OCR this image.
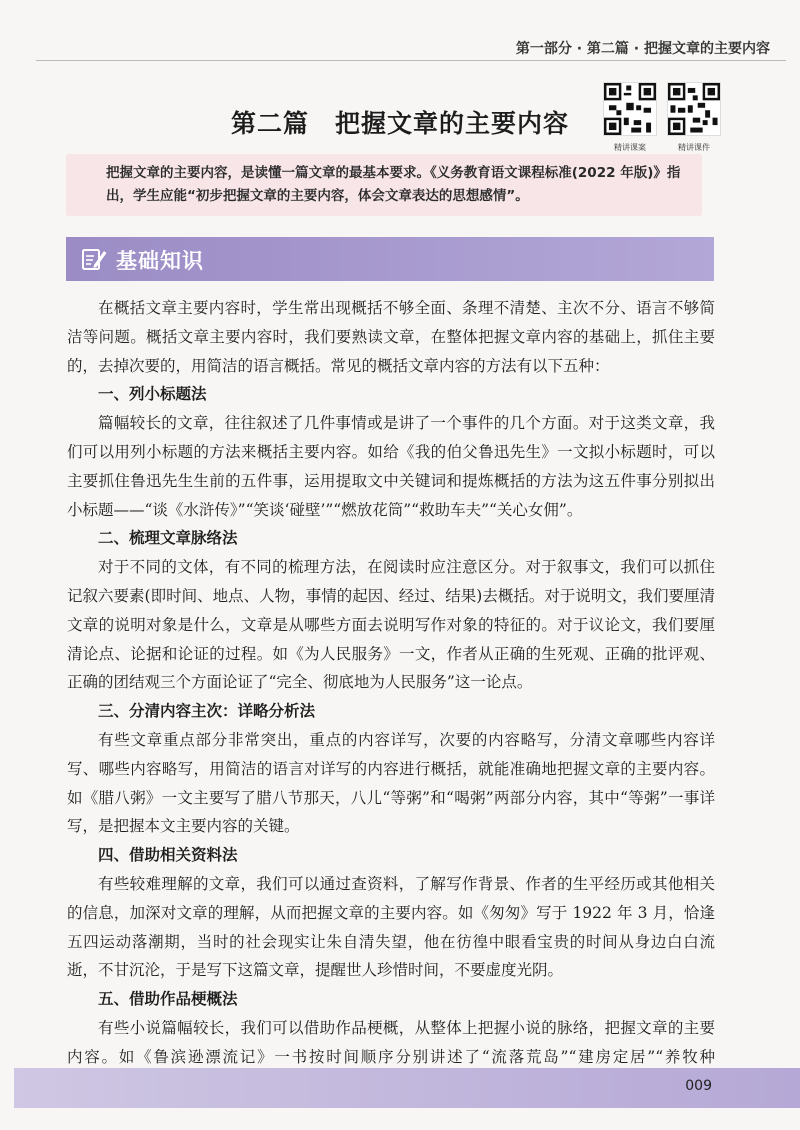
第一部分 · 第二篇 · 把握文章的主要内容
第二篇　把握文章的主要内容
精讲课案	精讲课件
把握文章的主要内容，是读懂一篇文章的最基本要求。《义务教育语文课程标准(2022 年版)》指出，学生应能“初步把握文章的主要内容，体会文章表达的思想感情”。
基础知识

在概括文章主要内容时，学生常出现概括不够全面、条理不清楚、主次不分、语言不够简洁等问题。概括文章主要内容时，我们要熟读文章，在整体把握文章内容的基础上，抓住主要的，去掉次要的，用简洁的语言概括。常见的概括文章内容的方法有以下五种：

一、列小标题法

篇幅较长的文章，往往叙述了几件事情或是讲了一个事件的几个方面。对于这类文章，我们可以用列小标题的方法来概括主要内容。如给《我的伯父鲁迅先生》一文拟小标题时，可以主要抓住鲁迅先生生前的五件事，运用提取文中关键词和提炼概括的方法为这五件事分别拟出小标题——“谈《水浒传》”“笑谈‘碰壁’”“燃放花筒”“救助车夫”“关心女佣”。

二、梳理文章脉络法

对于不同的文体，有不同的梳理方法，在阅读时应注意区分。对于叙事文，我们可以抓住记叙六要素(即时间、地点、人物，事情的起因、经过、结果)去概括。对于说明文，我们要厘清文章的说明对象是什么，文章是从哪些方面去说明写作对象的特征的。对于议论文，我们要厘清论点、论据和论证的过程。如《为人民服务》一文，作者从正确的生死观、正确的批评观、正确的团结观三个方面论证了“完全、彻底地为人民服务”这一论点。

三、分清内容主次：详略分析法

有些文章重点部分非常突出，重点的内容详写，次要的内容略写，分清文章哪些内容详写、哪些内容略写，用简洁的语言对详写的内容进行概括，就能准确地把握文章的主要内容。如《腊八粥》一文主要写了腊八节那天，八儿“等粥”和“喝粥”两部分内容，其中“等粥”一事详写，是把握本文主要内容的关键。

四、借助相关资料法

有些较难理解的文章，我们可以通过查资料，了解写作背景、作者的生平经历或其他相关的信息，加深对文章的理解，从而把握文章的主要内容。如《匆匆》写于 1922 年 3 月，恰逢五四运动落潮期，当时的社会现实让朱自清失望，他在彷徨中眼看宝贵的时间从身边白白流逝，不甘沉沦，于是写下这篇文章，提醒世人珍惜时间，不要虚度光阴。

五、借助作品梗概法

有些小说篇幅较长，我们可以借助作品梗概，从整体上把握小说的脉络，把握文章的主要内容。如《鲁滨逊漂流记》一书按时间顺序分别讲述了“流落荒岛”“建房定居”“养牧种

009
